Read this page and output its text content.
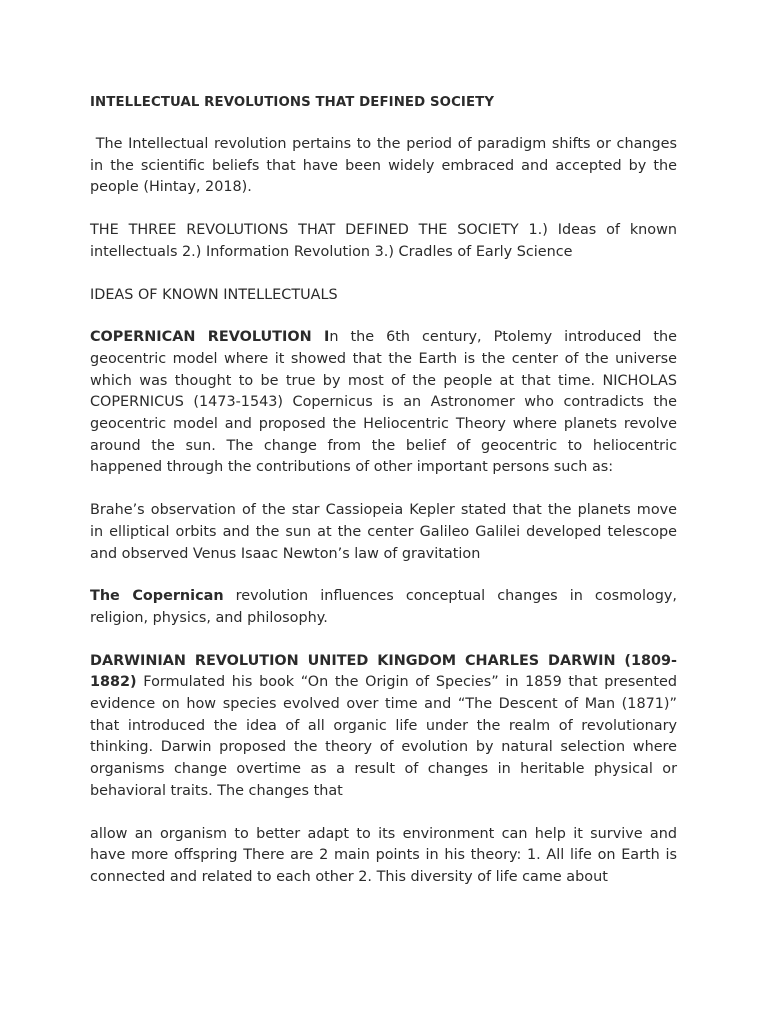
INTELLECTUAL REVOLUTIONS THAT DEFINED SOCIETY

The Intellectual revolution pertains to the period of paradigm shifts or changes in the scientific beliefs that have been widely embraced and accepted by the people (Hintay, 2018).

THE THREE REVOLUTIONS THAT DEFINED THE SOCIETY 1.) Ideas of known intellectuals 2.) Information Revolution 3.) Cradles of Early Science

IDEAS OF KNOWN INTELLECTUALS

COPERNICAN REVOLUTION In the 6th century, Ptolemy introduced the geocentric model where it showed that the Earth is the center of the universe which was thought to be true by most of the people at that time. NICHOLAS COPERNICUS (1473-1543) Copernicus is an Astronomer who contradicts the geocentric model and proposed the Heliocentric Theory where planets revolve around the sun. The change from the belief of geocentric to heliocentric happened through the contributions of other important persons such as:

Brahe’s observation of the star Cassiopeia Kepler stated that the planets move in elliptical orbits and the sun at the center Galileo Galilei developed telescope and observed Venus Isaac Newton’s law of gravitation

The Copernican revolution influences conceptual changes in cosmology, religion, physics, and philosophy.

DARWINIAN REVOLUTION UNITED KINGDOM CHARLES DARWIN (1809-1882) Formulated his book “On the Origin of Species” in 1859 that presented evidence on how species evolved over time and “The Descent of Man (1871)” that introduced the idea of all organic life under the realm of revolutionary thinking. Darwin proposed the theory of evolution by natural selection where organisms change overtime as a result of changes in heritable physical or behavioral traits. The changes that

allow an organism to better adapt to its environment can help it survive and have more offspring There are 2 main points in his theory: 1. All life on Earth is connected and related to each other 2. This diversity of life came about
